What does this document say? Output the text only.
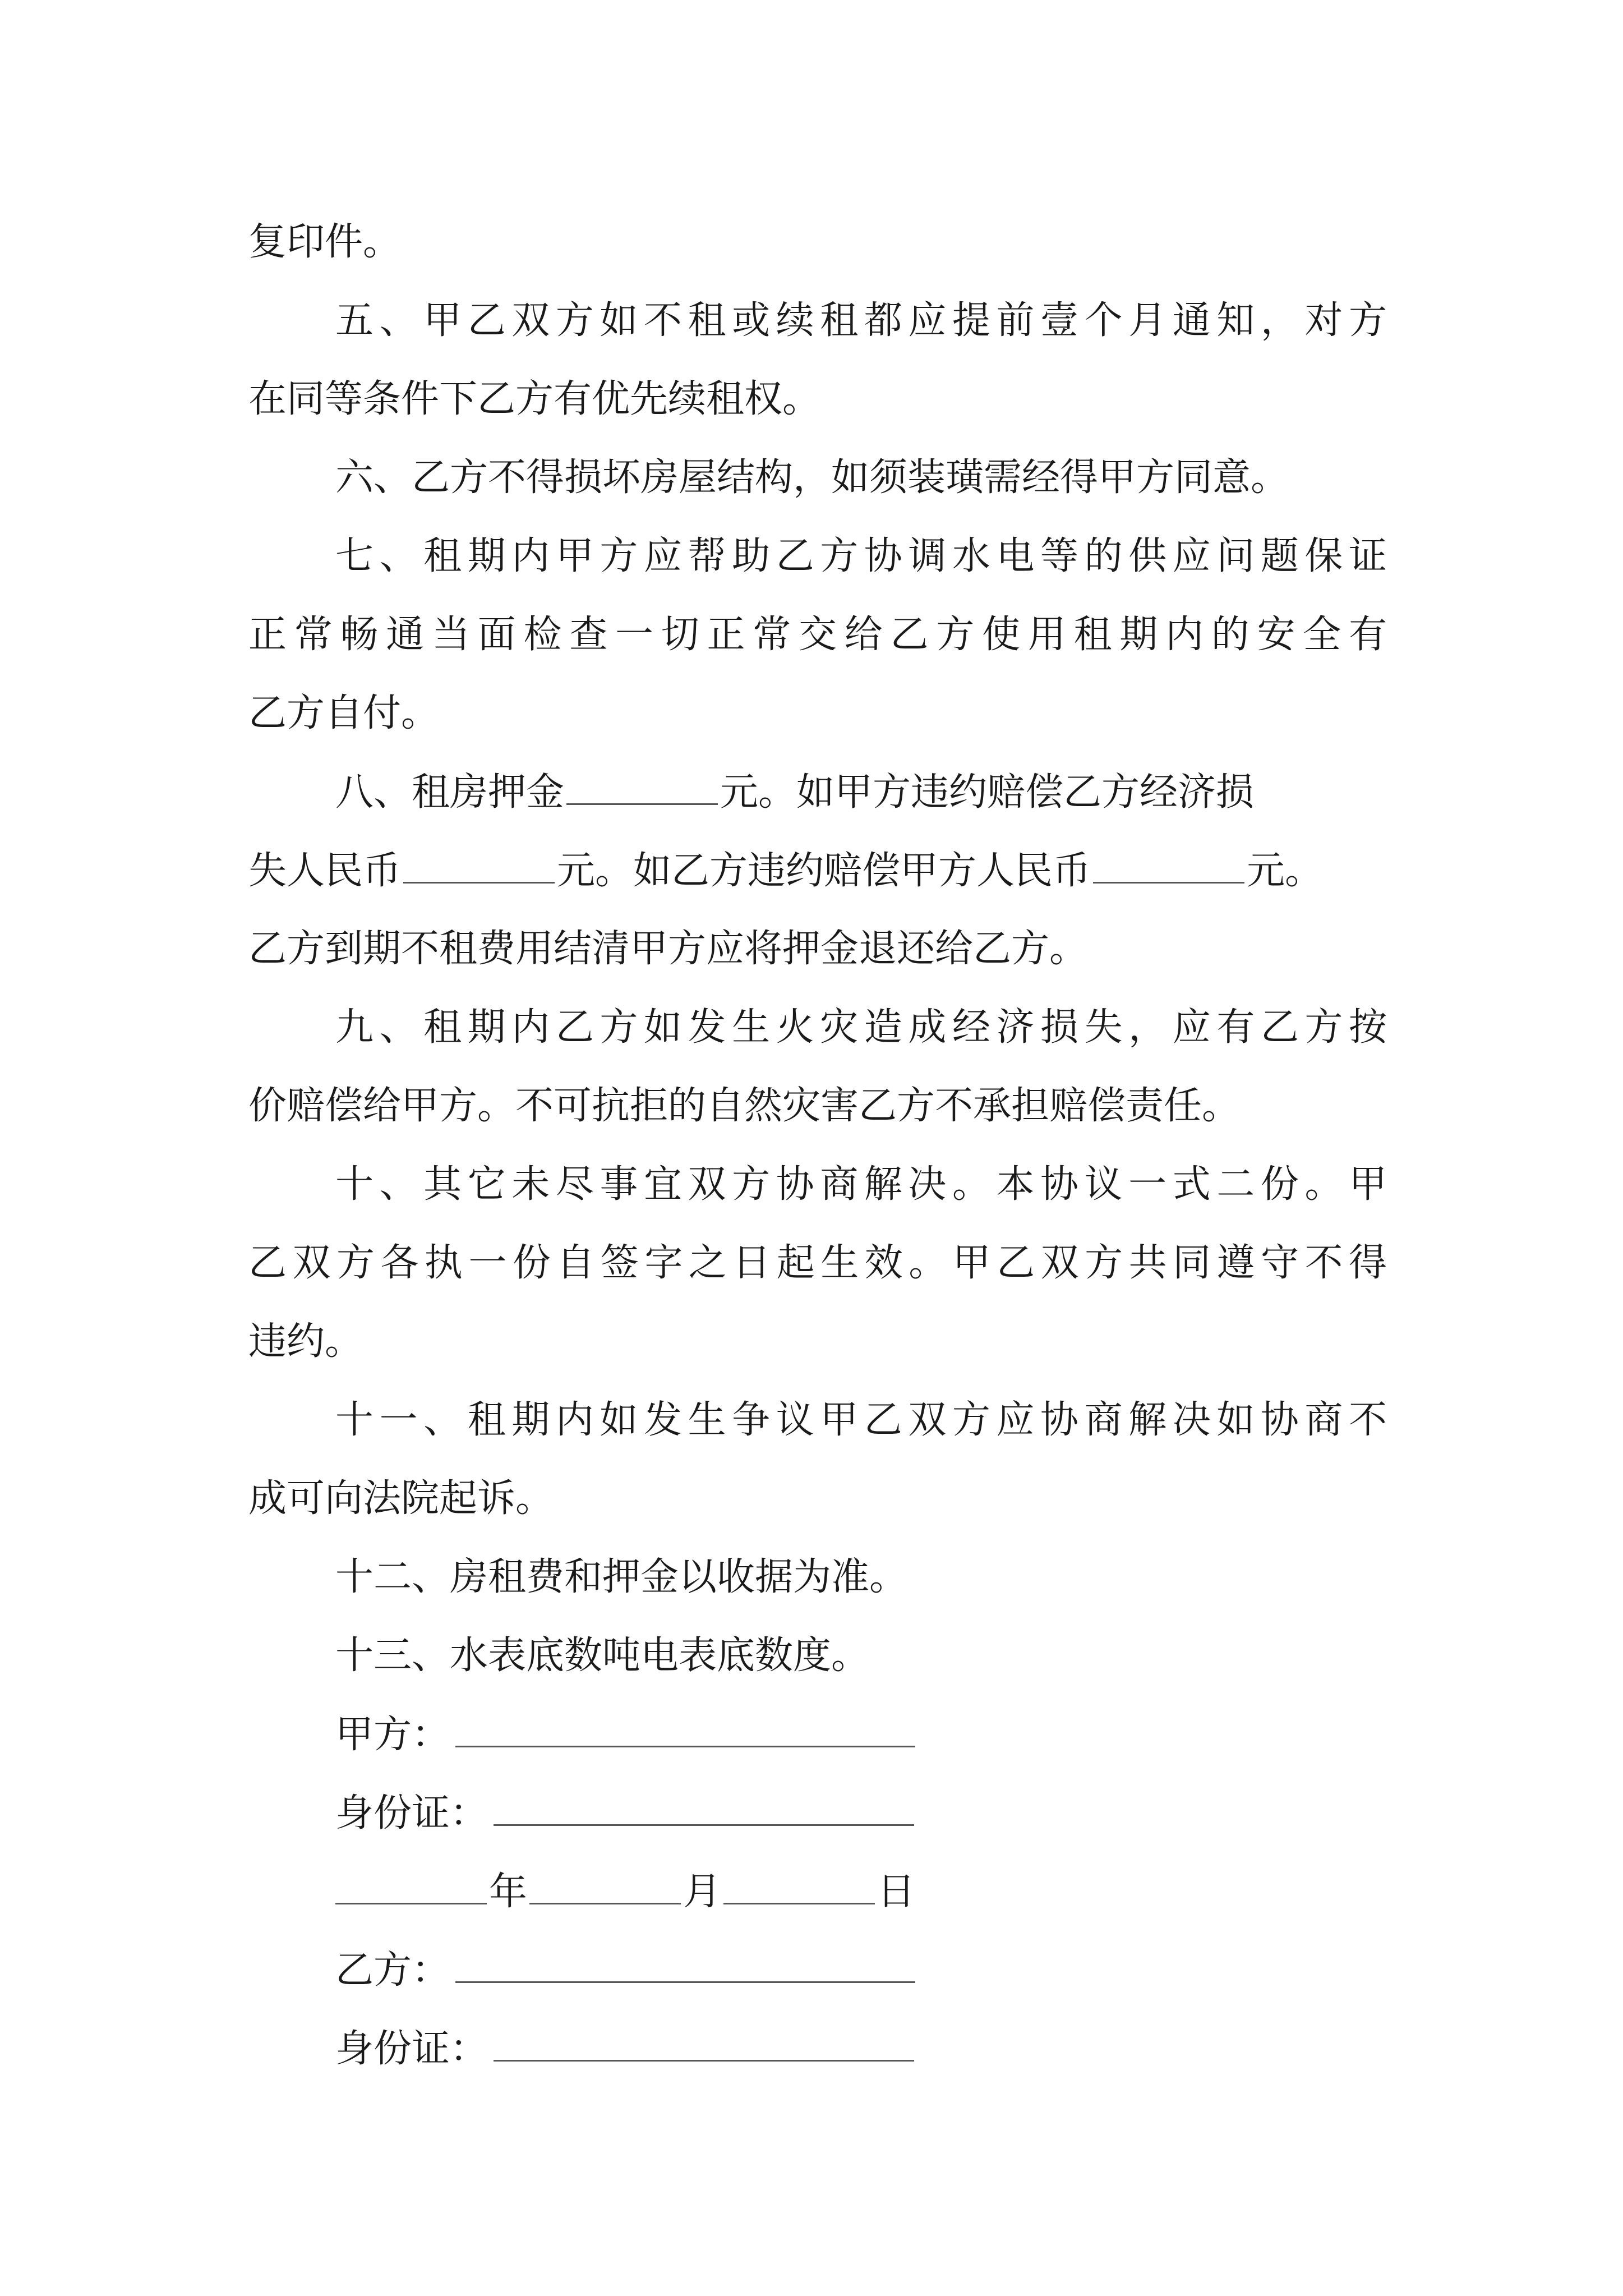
复印件。
五、甲乙双方如不租或续租都应提前壹个月通知，对方
在同等条件下乙方有优先续租权。
六、乙方不得损坏房屋结构，如须装璜需经得甲方同意。
七、租期内甲方应帮助乙方协调水电等的供应问题保证
正常畅通当面检查一切正常交给乙方使用租期内的安全有
乙方自付。
八、租房押金	元。如甲方违约赔偿乙方经济损
失人民币	元。如乙方违约赔偿甲方人民币	元。
乙方到期不租费用结清甲方应将押金退还给乙方。
九、租期内乙方如发生火灾造成经济损失，应有乙方按
价赔偿给甲方。不可抗拒的自然灾害乙方不承担赔偿责任。
十、其它未尽事宜双方协商解决。本协议一式二份。甲
乙双方各执一份自签字之日起生效。甲乙双方共同遵守不得
违约。
十一、租期内如发生争议甲乙双方应协商解决如协商不
成可向法院起诉。
十二、房租费和押金以收据为准。
十三、水表底数吨电表底数度。
甲方：
身份证：
年	月	日
乙方：
身份证：
